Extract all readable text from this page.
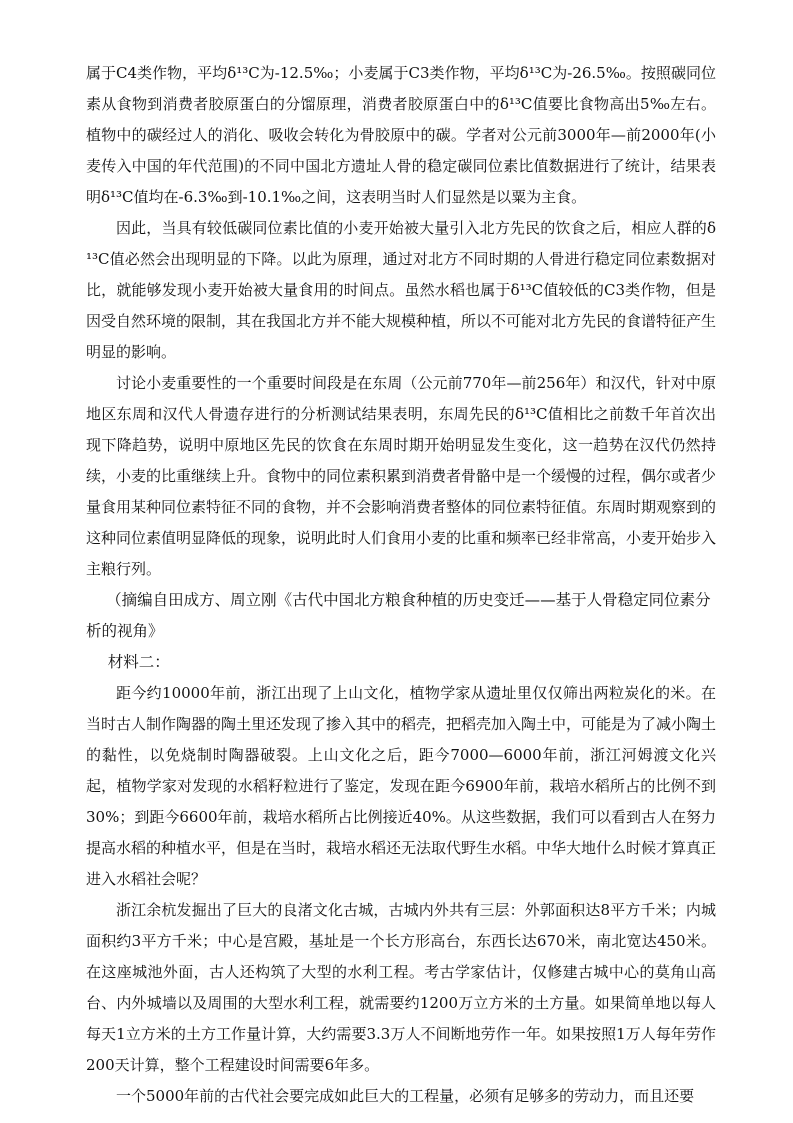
属于C4类作物，平均δ¹³C为-12.5‰；小麦属于C3类作物，平均δ¹³C为-26.5‰。按照碳同位素从食物到消费者胶原蛋白的分馏原理，消费者胶原蛋白中的δ¹³C值要比食物高出5‰左右。植物中的碳经过人的消化、吸收会转化为骨胶原中的碳。学者对公元前3000年—前2000年(小麦传入中国的年代范围)的不同中国北方遗址人骨的稳定碳同位素比值数据进行了统计，结果表明δ¹³C值均在-6.3‰到-10.1‰之间，这表明当时人们显然是以粟为主食。

因此，当具有较低碳同位素比值的小麦开始被大量引入北方先民的饮食之后，相应人群的δ¹³C值必然会出现明显的下降。以此为原理，通过对北方不同时期的人骨进行稳定同位素数据对比，就能够发现小麦开始被大量食用的时间点。虽然水稻也属于δ¹³C值较低的C3类作物，但是因受自然环境的限制，其在我国北方并不能大规模种植，所以不可能对北方先民的食谱特征产生明显的影响。

讨论小麦重要性的一个重要时间段是在东周（公元前770年—前256年）和汉代，针对中原地区东周和汉代人骨遗存进行的分析测试结果表明，东周先民的δ¹³C值相比之前数千年首次出现下降趋势，说明中原地区先民的饮食在东周时期开始明显发生变化，这一趋势在汉代仍然持续，小麦的比重继续上升。食物中的同位素积累到消费者骨骼中是一个缓慢的过程，偶尔或者少量食用某种同位素特征不同的食物，并不会影响消费者整体的同位素特征值。东周时期观察到的这种同位素值明显降低的现象，说明此时人们食用小麦的比重和频率已经非常高，小麦开始步入主粮行列。

（摘编自田成方、周立刚《古代中国北方粮食种植的历史变迁——基于人骨稳定同位素分析的视角》

材料二：

距今约10000年前，浙江出现了上山文化，植物学家从遗址里仅仅筛出两粒炭化的米。在当时古人制作陶器的陶土里还发现了掺入其中的稻壳，把稻壳加入陶土中，可能是为了减小陶土的黏性，以免烧制时陶器破裂。上山文化之后，距今7000—6000年前，浙江河姆渡文化兴起，植物学家对发现的水稻籽粒进行了鉴定，发现在距今6900年前，栽培水稻所占的比例不到30%；到距今6600年前，栽培水稻所占比例接近40%。从这些数据，我们可以看到古人在努力提高水稻的种植水平，但是在当时，栽培水稻还无法取代野生水稻。中华大地什么时候才算真正进入水稻社会呢？

浙江余杭发掘出了巨大的良渚文化古城，古城内外共有三层：外郭面积达8平方千米；内城面积约3平方千米；中心是宫殿，基址是一个长方形高台，东西长达670米，南北宽达450米。在这座城池外面，古人还构筑了大型的水利工程。考古学家估计，仅修建古城中心的莫角山高台、内外城墙以及周围的大型水利工程，就需要约1200万立方米的土方量。如果简单地以每人每天1立方米的土方工作量计算，大约需要3.3万人不间断地劳作一年。如果按照1万人每年劳作200天计算，整个工程建设时间需要6年多。

一个5000年前的古代社会要完成如此巨大的工程量，必须有足够多的劳动力，而且还要
